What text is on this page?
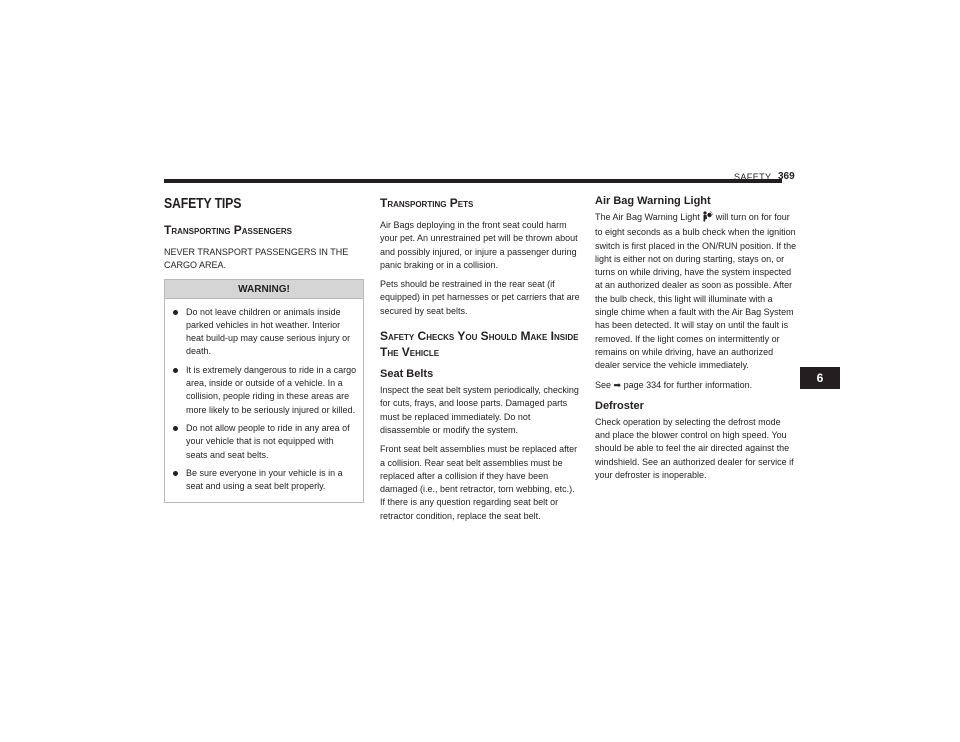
SAFETY 369
SAFETY TIPS
Transporting Passengers

NEVER TRANSPORT PASSENGERS IN THE CARGO AREA.

WARNING!
Do not leave children or animals inside parked vehicles in hot weather. Interior heat build-up may cause serious injury or death.
It is extremely dangerous to ride in a cargo area, inside or outside of a vehicle. In a collision, people riding in these areas are more likely to be seriously injured or killed.
Do not allow people to ride in any area of your vehicle that is not equipped with seats and seat belts.
Be sure everyone in your vehicle is in a seat and using a seat belt properly.
Transporting Pets

Air Bags deploying in the front seat could harm your pet. An unrestrained pet will be thrown about and possibly injured, or injure a passenger during panic braking or in a collision.

Pets should be restrained in the rear seat (if equipped) in pet harnesses or pet carriers that are secured by seat belts.

Safety Checks You Should Make Inside The Vehicle
Seat Belts

Inspect the seat belt system periodically, checking for cuts, frays, and loose parts. Damaged parts must be replaced immediately. Do not disassemble or modify the system.

Front seat belt assemblies must be replaced after a collision. Rear seat belt assemblies must be replaced after a collision if they have been damaged (i.e., bent retractor, torn webbing, etc.). If there is any question regarding seat belt or retractor condition, replace the seat belt.

Air Bag Warning Light

The Air Bag Warning Light will turn on for four to eight seconds as a bulb check when the ignition switch is first placed in the ON/RUN position. If the light is either not on during starting, stays on, or turns on while driving, have the system inspected at an authorized dealer as soon as possible. After the bulb check, this light will illuminate with a single chime when a fault with the Air Bag System has been detected. It will stay on until the fault is removed. If the light comes on intermittently or remains on while driving, have an authorized dealer service the vehicle immediately.

See ➡ page 334 for further information.

Defroster

Check operation by selecting the defrost mode and place the blower control on high speed. You should be able to feel the air directed against the windshield. See an authorized dealer for service if your defroster is inoperable.

6
